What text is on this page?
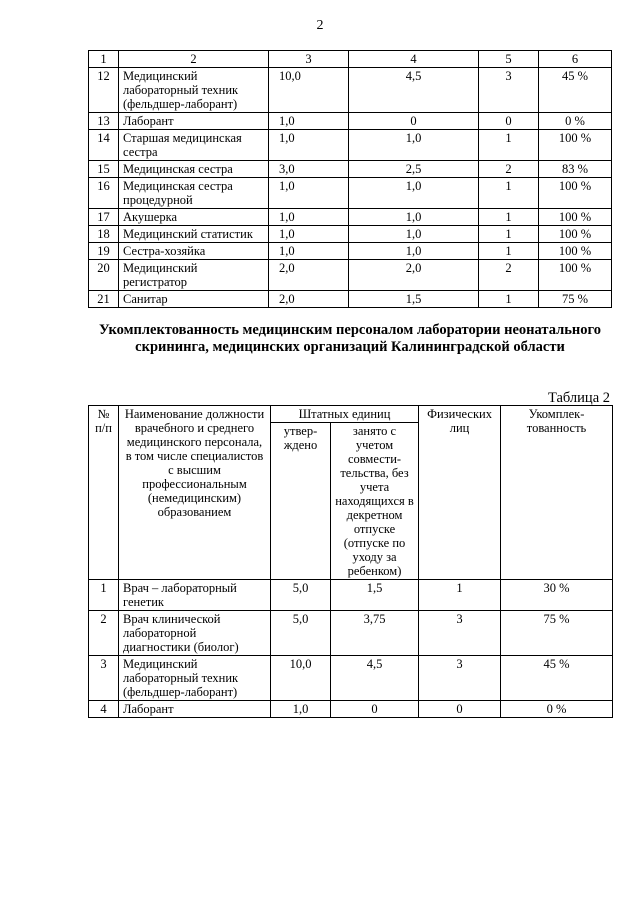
2
1	2	3	4	5	6
12	Медицинский лабораторный техник (фельдшер-лаборант)	10,0	4,5	3	45 %
13	Лаборант	1,0	0	0	0 %
14	Старшая медицинская сестра	1,0	1,0	1	100 %
15	Медицинская сестра	3,0	2,5	2	83 %
16	Медицинская сестра процедурной	1,0	1,0	1	100 %
17	Акушерка	1,0	1,0	1	100 %
18	Медицинский статистик	1,0	1,0	1	100 %
19	Сестра-хозяйка	1,0	1,0	1	100 %
20	Медицинский регистратор	2,0	2,0	2	100 %
21	Санитар	2,0	1,5	1	75 %
Укомплектованность медицинским персоналом лаборатории неонатального скрининга, медицинских организаций Калининградской области
Таблица 2
№ п/п	Наименование должности врачебного и среднего медицинского персонала, в том числе специалистов с высшим профессиональным (немедицинским) образованием	Штатных единиц		Физических лиц	Укомплек-тованность
		утвер-ждено	занято с учетом совмести-тельства, без учета находящихся в декретном отпуске (отпуске по уходу за ребенком)		
1	Врач – лабораторный генетик	5,0	1,5	1	30 %
2	Врач клинической лабораторной диагностики (биолог)	5,0	3,75	3	75 %
3	Медицинский лабораторный техник (фельдшер-лаборант)	10,0	4,5	3	45 %
4	Лаборант	1,0	0	0	0 %
